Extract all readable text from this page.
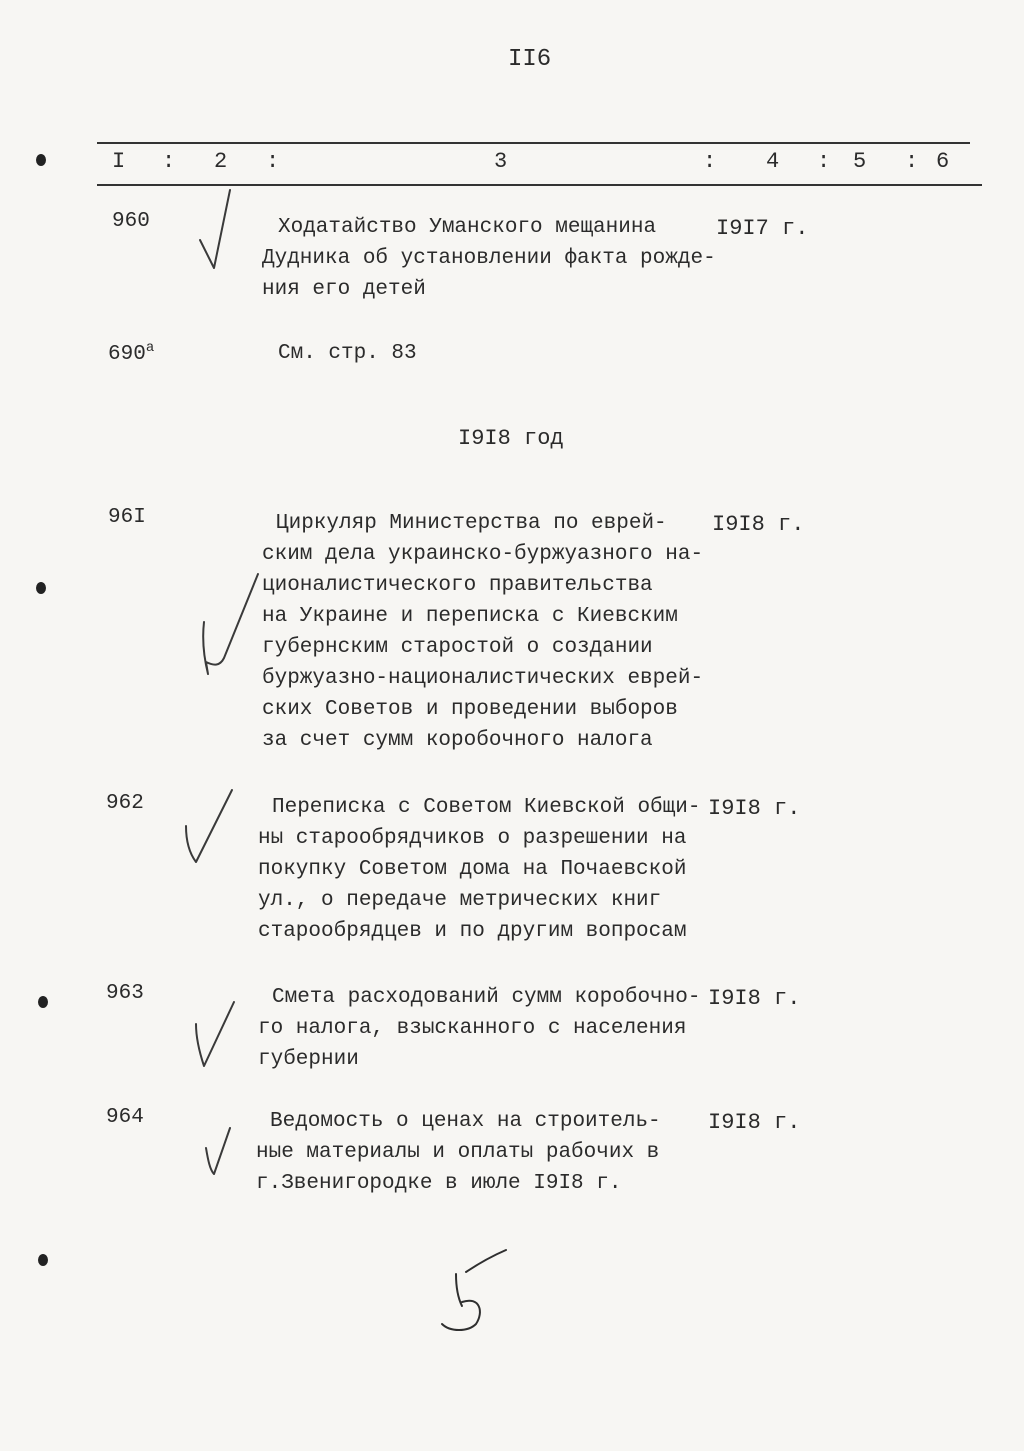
II6
I : 2 :	3	: 4 : 5 : 6
960	Ходатайство Уманского мещанина
Дудника об установлении факта рожде-
ния его детей
I9I7 г.
$690^а$	См. стр. 83
I9I8 год
96I	Циркуляр Министерства по еврей-
ским дела украинско-буржуазного на-
ционалистического правительства
на Украине и переписка с Киевским
губернским старостой о создании
буржуазно-националистических еврей-
ских Советов и проведении выборов
за счет сумм коробочного налога
I9I8 г.
962	Переписка с Советом Киевской общи-
ны старообрядчиков о разрешении на
покупку Советом дома на Почаевской
ул., о передаче метрических книг
старообрядцев и по другим вопросам
I9I8 г.
963	Смета расходований сумм коробочно-
го налога, взысканного с населения
губернии
I9I8 г.
964	Ведомость о ценах на строитель-
ные материалы и оплаты рабочих в
г.Звенигородке в июле I9I8 г.
I9I8 г.
